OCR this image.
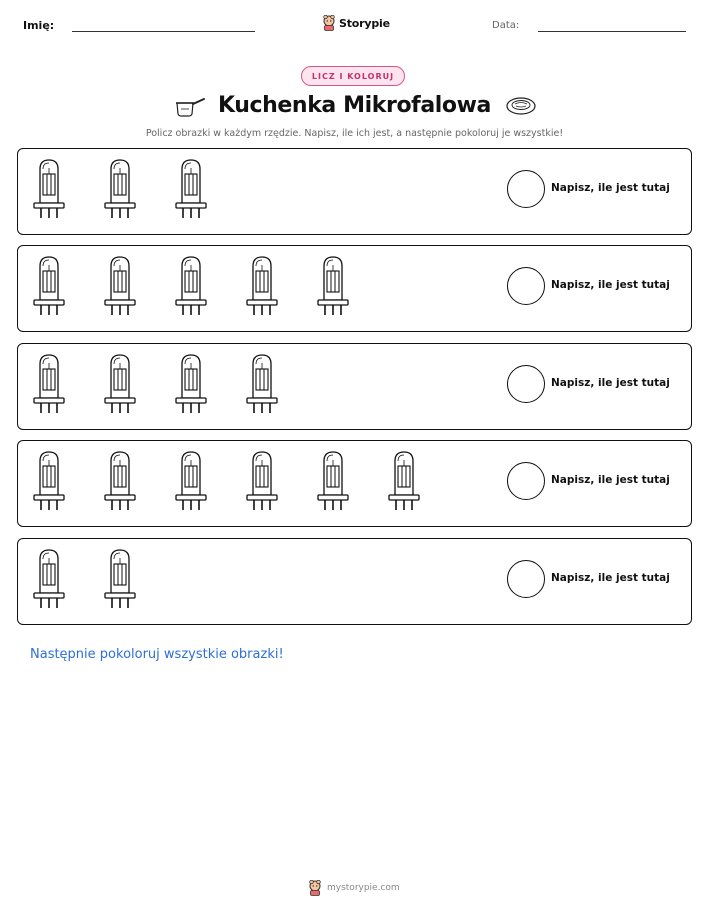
Imię:	Storypie	Data:
LICZ I KOLORUJ
Kuchenka Mikrofalowa
Policz obrazki w każdym rzędzie. Napisz, ile ich jest, a następnie pokoloruj je wszystkie!
Napisz, ile jest tutaj
Napisz, ile jest tutaj
Napisz, ile jest tutaj
Napisz, ile jest tutaj
Napisz, ile jest tutaj
Następnie pokoloruj wszystkie obrazki!
mystorypie.com
